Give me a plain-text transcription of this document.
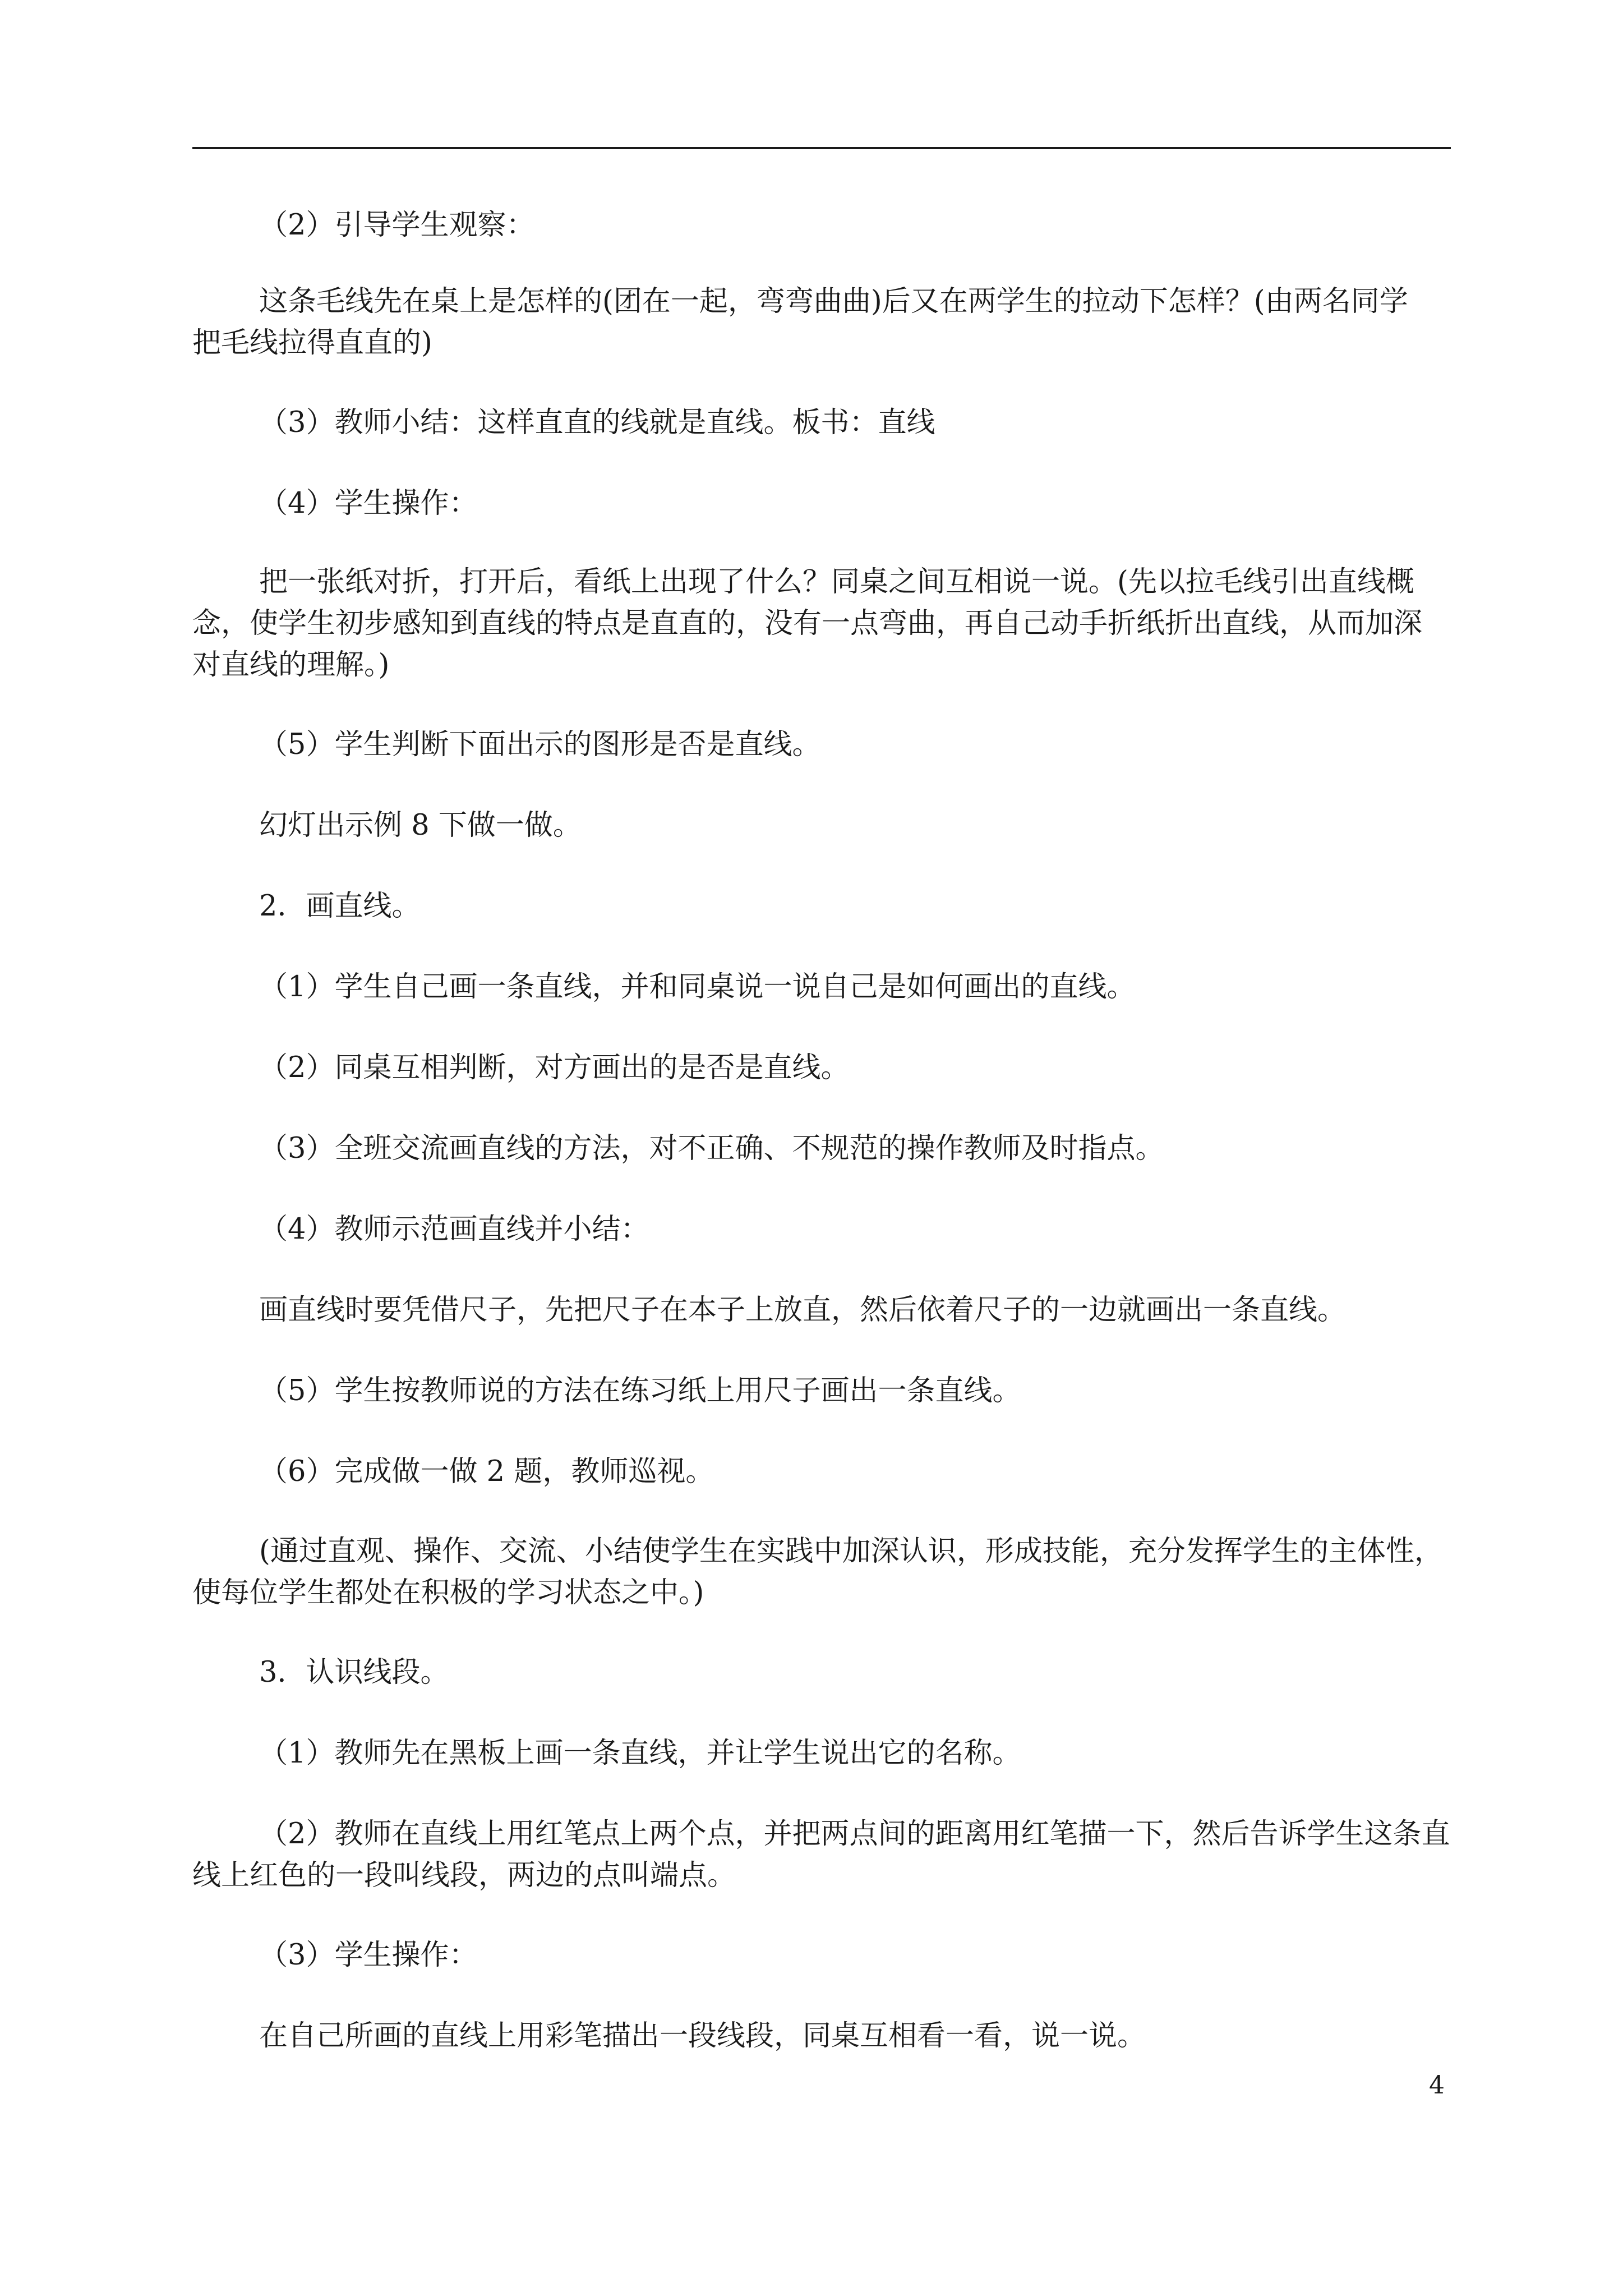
（2）引导学生观察：
这条毛线先在桌上是怎样的(团在一起，弯弯曲曲)后又在两学生的拉动下怎样？(由两名同学
把毛线拉得直直的)
（3）教师小结：这样直直的线就是直线。板书：直线
（4）学生操作：
把一张纸对折，打开后，看纸上出现了什么？同桌之间互相说一说。(先以拉毛线引出直线概
念，使学生初步感知到直线的特点是直直的，没有一点弯曲，再自己动手折纸折出直线，从而加深
对直线的理解。)
（5）学生判断下面出示的图形是否是直线。
幻灯出示例 8 下做一做。
2．画直线。
（1）学生自己画一条直线，并和同桌说一说自己是如何画出的直线。
（2）同桌互相判断，对方画出的是否是直线。
（3）全班交流画直线的方法，对不正确、不规范的操作教师及时指点。
（4）教师示范画直线并小结：
画直线时要凭借尺子，先把尺子在本子上放直，然后依着尺子的一边就画出一条直线。
（5）学生按教师说的方法在练习纸上用尺子画出一条直线。
（6）完成做一做 2 题，教师巡视。
(通过直观、操作、交流、小结使学生在实践中加深认识，形成技能，充分发挥学生的主体性，
使每位学生都处在积极的学习状态之中。)
3．认识线段。
（1）教师先在黑板上画一条直线，并让学生说出它的名称。
（2）教师在直线上用红笔点上两个点，并把两点间的距离用红笔描一下，然后告诉学生这条直
线上红色的一段叫线段，两边的点叫端点。
（3）学生操作：
在自己所画的直线上用彩笔描出一段线段，同桌互相看一看，说一说。
4
